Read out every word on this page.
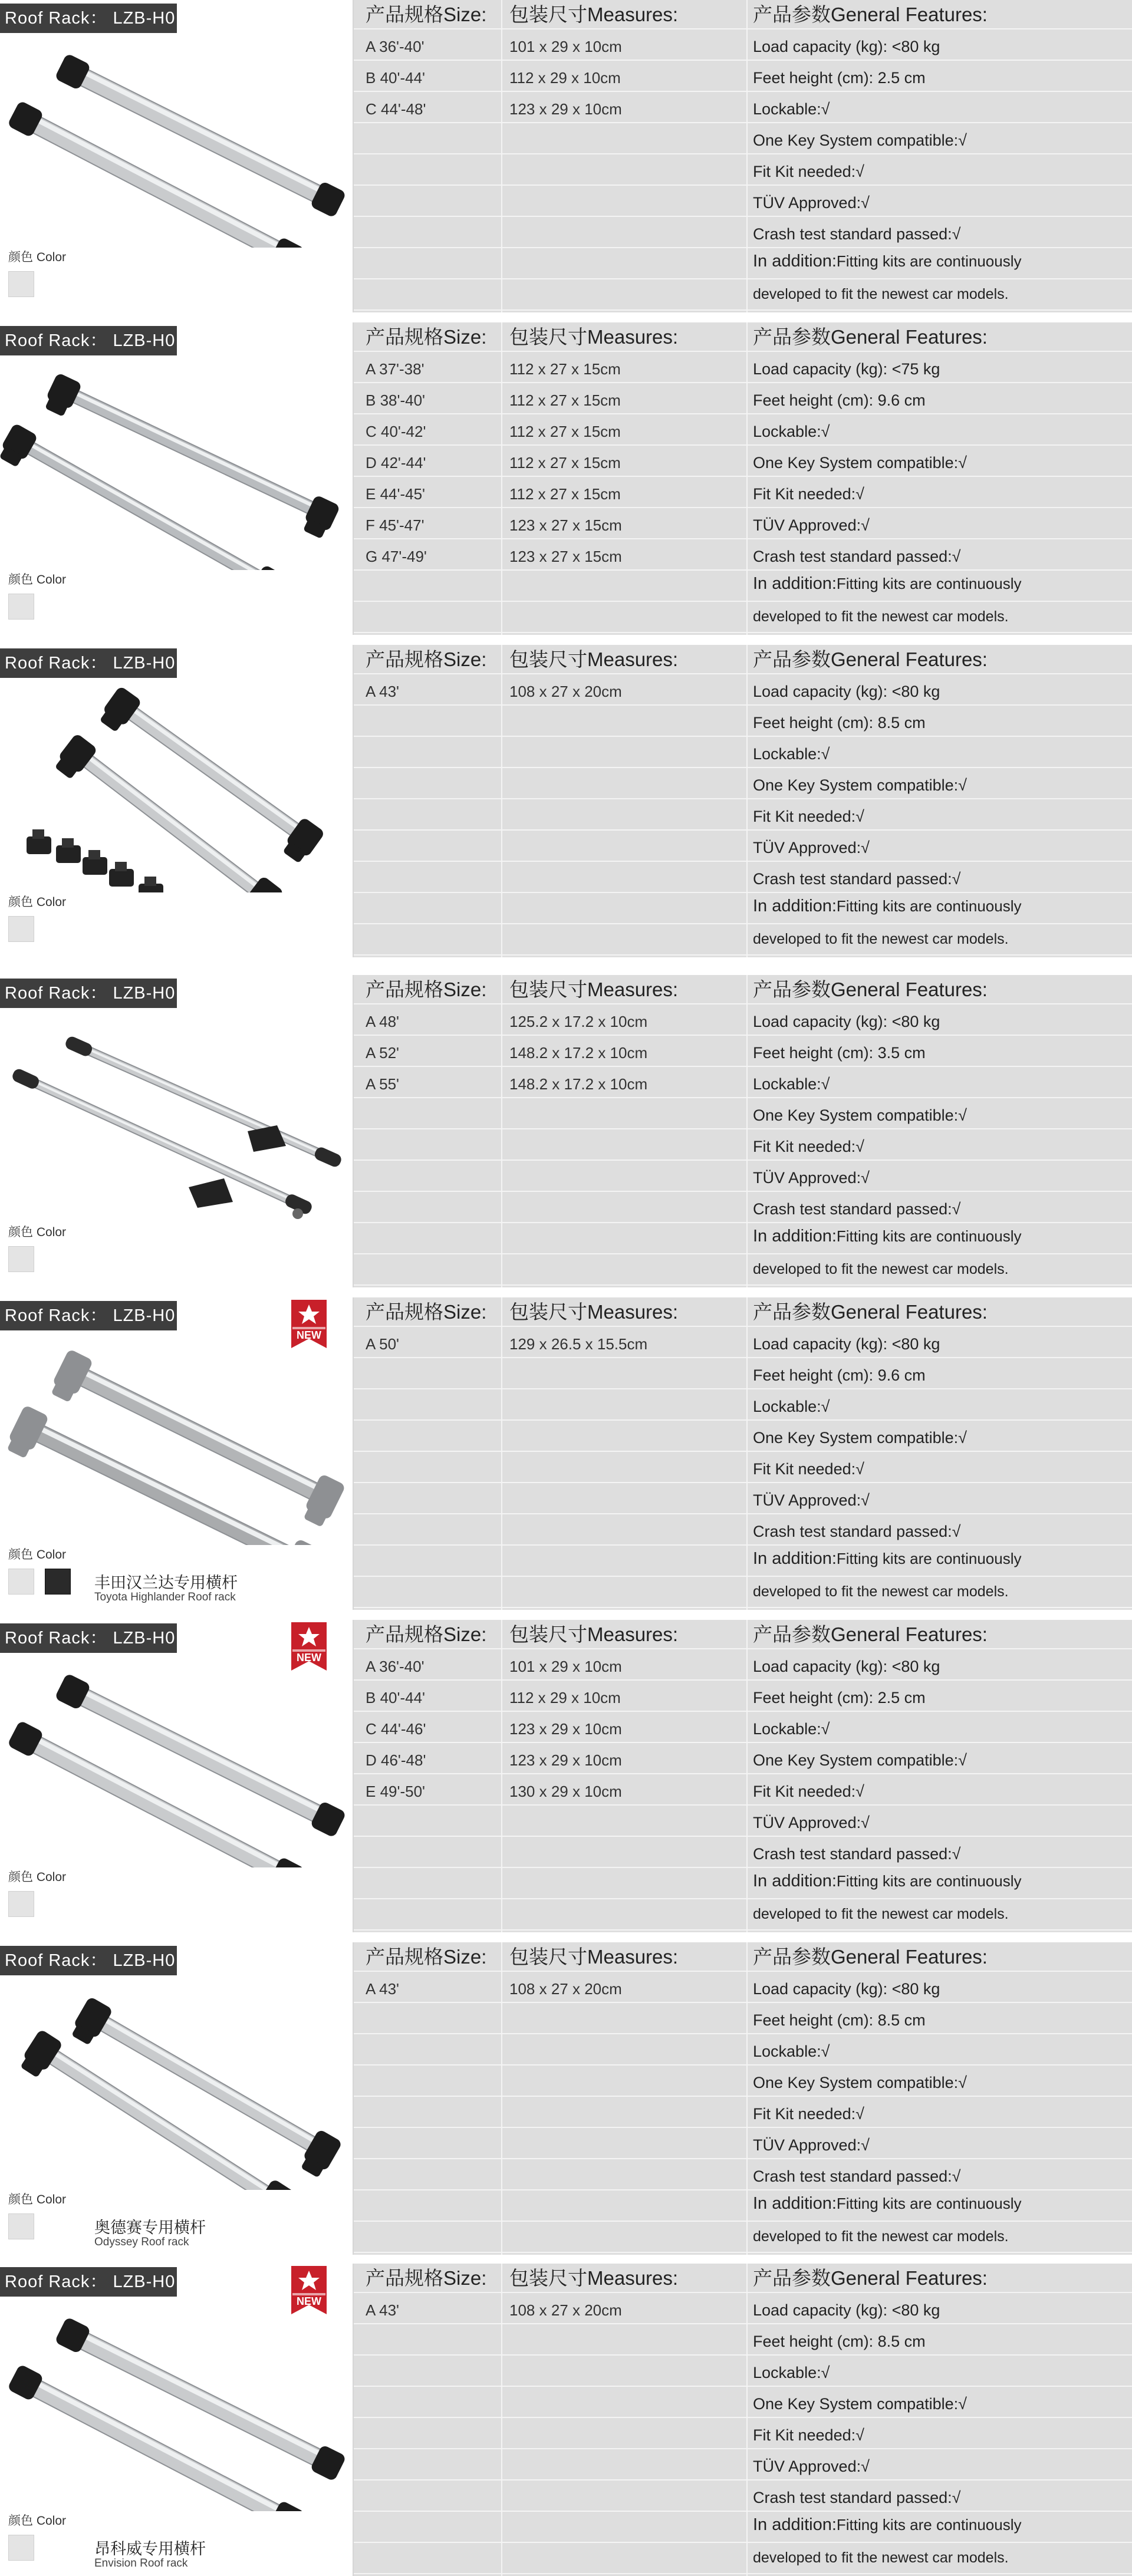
Roof Rack： LZB-H0
颜色 Color
产品规格Size:	包装尺寸Measures:	产品参数General Features:
A 36'-40'	101 x 29 x 10cm	Load capacity (kg): <80 kg
B 40'-44'	112 x 29 x 10cm	Feet height (cm): 2.5 cm
C 44'-48'	123 x 29 x 10cm	Lockable:√
One Key System compatible:√
Fit Kit needed:√
TÜV Approved:√
Crash test standard passed:√
In addition:Fitting kits are continuously
developed to fit the newest car models.
Roof Rack： LZB-H0
颜色 Color
产品规格Size:	包装尺寸Measures:	产品参数General Features:
A 37'-38'	112 x 27 x 15cm	Load capacity (kg): <75 kg
B 38'-40'	112 x 27 x 15cm	Feet height (cm): 9.6 cm
C 40'-42'	112 x 27 x 15cm	Lockable:√
D 42'-44'	112 x 27 x 15cm	One Key System compatible:√
E 44'-45'	112 x 27 x 15cm	Fit Kit needed:√
F 45'-47'	123 x 27 x 15cm	TÜV Approved:√
G 47'-49'	123 x 27 x 15cm	Crash test standard passed:√
In addition:Fitting kits are continuously
developed to fit the newest car models.
Roof Rack： LZB-H0
颜色 Color
产品规格Size:	包装尺寸Measures:	产品参数General Features:
A 43'	108 x 27 x 20cm	Load capacity (kg): <80 kg
Feet height (cm): 8.5 cm
Lockable:√
One Key System compatible:√
Fit Kit needed:√
TÜV Approved:√
Crash test standard passed:√
In addition:Fitting kits are continuously
developed to fit the newest car models.
Roof Rack： LZB-H0
颜色 Color
产品规格Size:	包装尺寸Measures:	产品参数General Features:
A 48'	125.2 x 17.2 x 10cm	Load capacity (kg): <80 kg
A 52'	148.2 x 17.2 x 10cm	Feet height (cm): 3.5 cm
A 55'	148.2 x 17.2 x 10cm	Lockable:√
One Key System compatible:√
Fit Kit needed:√
TÜV Approved:√
Crash test standard passed:√
In addition:Fitting kits are continuously
developed to fit the newest car models.
Roof Rack： LZB-H0
NEW
颜色 Color
丰田汉兰达专用横杆
Toyota Highlander Roof rack
产品规格Size:	包装尺寸Measures:	产品参数General Features:
A 50'	129 x 26.5 x 15.5cm	Load capacity (kg): <80 kg
Feet height (cm): 9.6 cm
Lockable:√
One Key System compatible:√
Fit Kit needed:√
TÜV Approved:√
Crash test standard passed:√
In addition:Fitting kits are continuously
developed to fit the newest car models.
Roof Rack： LZB-H0
NEW
颜色 Color
产品规格Size:	包装尺寸Measures:	产品参数General Features:
A 36'-40'	101 x 29 x 10cm	Load capacity (kg): <80 kg
B 40'-44'	112 x 29 x 10cm	Feet height (cm): 2.5 cm
C 44'-46'	123 x 29 x 10cm	Lockable:√
D 46'-48'	123 x 29 x 10cm	One Key System compatible:√
E 49'-50'	130 x 29 x 10cm	Fit Kit needed:√
TÜV Approved:√
Crash test standard passed:√
In addition:Fitting kits are continuously
developed to fit the newest car models.
Roof Rack： LZB-H0
颜色 Color
奥德赛专用横杆
Odyssey Roof rack
产品规格Size:	包装尺寸Measures:	产品参数General Features:
A 43'	108 x 27 x 20cm	Load capacity (kg): <80 kg
Feet height (cm): 8.5 cm
Lockable:√
One Key System compatible:√
Fit Kit needed:√
TÜV Approved:√
Crash test standard passed:√
In addition:Fitting kits are continuously
developed to fit the newest car models.
Roof Rack： LZB-H0
NEW
颜色 Color
昂科威专用横杆
Envision Roof rack
产品规格Size:	包装尺寸Measures:	产品参数General Features:
A 43'	108 x 27 x 20cm	Load capacity (kg): <80 kg
Feet height (cm): 8.5 cm
Lockable:√
One Key System compatible:√
Fit Kit needed:√
TÜV Approved:√
Crash test standard passed:√
In addition:Fitting kits are continuously
developed to fit the newest car models.
